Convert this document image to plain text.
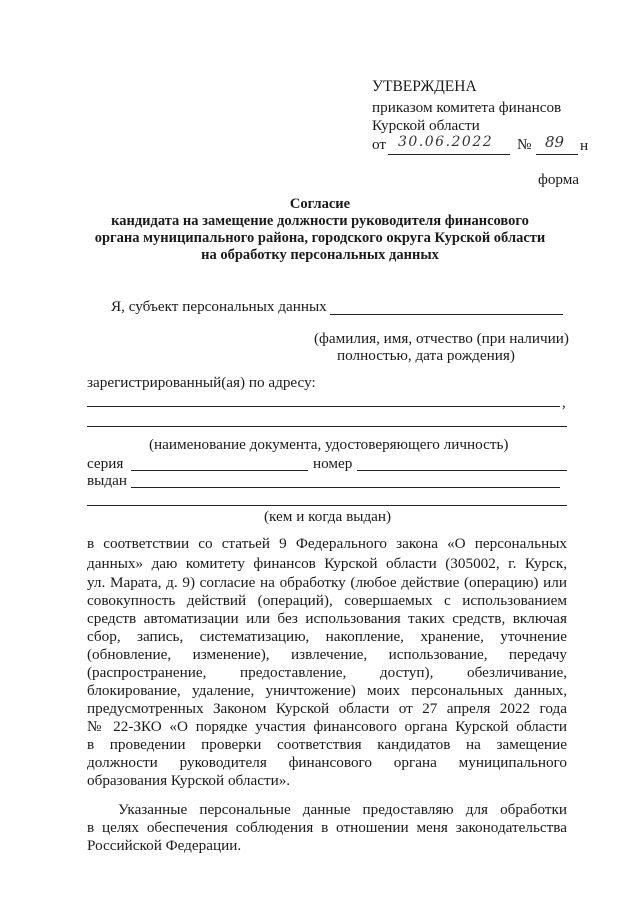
УТВЕРЖДЕНА
приказом комитета финансов
Курской области
от 30.06.2022 № 89 н
форма
Согласие
кандидата на замещение должности руководителя финансового
органа муниципального района, городского округа Курской области
на обработку персональных данных
Я, субъект персональных данных
(фамилия, имя, отчество (при наличии)
полностью, дата рождения)
зарегистрированный(ая) по адресу:
,
(наименование документа, удостоверяющего личность)
серия	номер
выдан
(кем и когда выдан)
в соответствии со статьей 9 Федерального закона «О персональных
данных» даю комитету финансов Курской области (305002, г. Курск,
ул. Марата, д. 9) согласие на обработку (любое действие (операцию) или
совокупность действий (операций), совершаемых с использованием
средств автоматизации или без использования таких средств, включая
сбор, запись, систематизацию, накопление, хранение, уточнение
(обновление, изменение), извлечение, использование, передачу
(распространение, предоставление, доступ), обезличивание,
блокирование, удаление, уничтожение) моих персональных данных,
предусмотренных Законом Курской области от 27 апреля 2022 года
№ 22-ЗКО «О порядке участия финансового органа Курской области
в проведении проверки соответствия кандидатов на замещение
должности руководителя финансового органа муниципального
образования Курской области».
Указанные персональные данные предоставляю для обработки
в целях обеспечения соблюдения в отношении меня законодательства
Российской Федерации.
